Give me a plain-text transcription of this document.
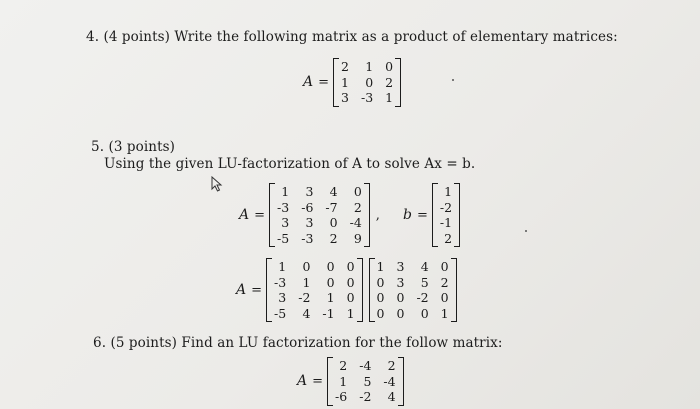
4. (4 points) Write the following matrix as a product of elementary matrices:
A =
2	1 0
1	0 2
3 -3 1
5. (3 points)
Using the given LU-factorization of A to solve Ax = b.
A =
1	3	4	0
-3 -6 -7	2
3	3	0 -4
-5 -3	2	9
, b =
1
-2
-1
2
A =
1	0	0 0
-3	1	0 0
3 -2	1 0
-5	4 -1 1
1 3	4 0
0 3	5 2
0 0 -2 0
0 0	0 1
6. (5 points) Find an LU factorization for the follow matrix:
A =
2 -4	2
1	5 -4
-6 -2	4
